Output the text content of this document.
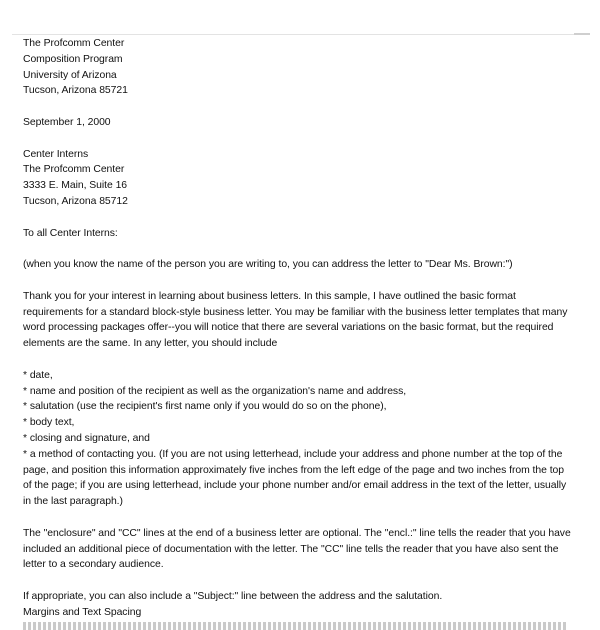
The Profcomm Center
Composition Program
University of Arizona
Tucson, Arizona 85721
September 1, 2000
Center Interns
The Profcomm Center
3333 E. Main, Suite 16
Tucson, Arizona 85712
To all Center Interns:
(when you know the name of the person you are writing to, you can address the letter to "Dear Ms. Brown:")
Thank you for your interest in learning about business letters. In this sample, I have outlined the basic format
requirements for a standard block-style business letter. You may be familiar with the business letter templates that many
word processing packages offer--you will notice that there are several variations on the basic format, but the required
elements are the same. In any letter, you should include
* date,
* name and position of the recipient as well as the organization's name and address,
* salutation (use the recipient's first name only if you would do so on the phone),
* body text,
* closing and signature, and
* a method of contacting you. (If you are not using letterhead, include your address and phone number at the top of the
page, and position this information approximately five inches from the left edge of the page and two inches from the top
of the page; if you are using letterhead, include your phone number and/or email address in the text of the letter, usually
in the last paragraph.)
The "enclosure" and "CC" lines at the end of a business letter are optional. The "encl.:" line tells the reader that you have
included an additional piece of documentation with the letter. The "CC" line tells the reader that you have also sent the
letter to a secondary audience.
If appropriate, you can also include a "Subject:" line between the address and the salutation.
Margins and Text Spacing
